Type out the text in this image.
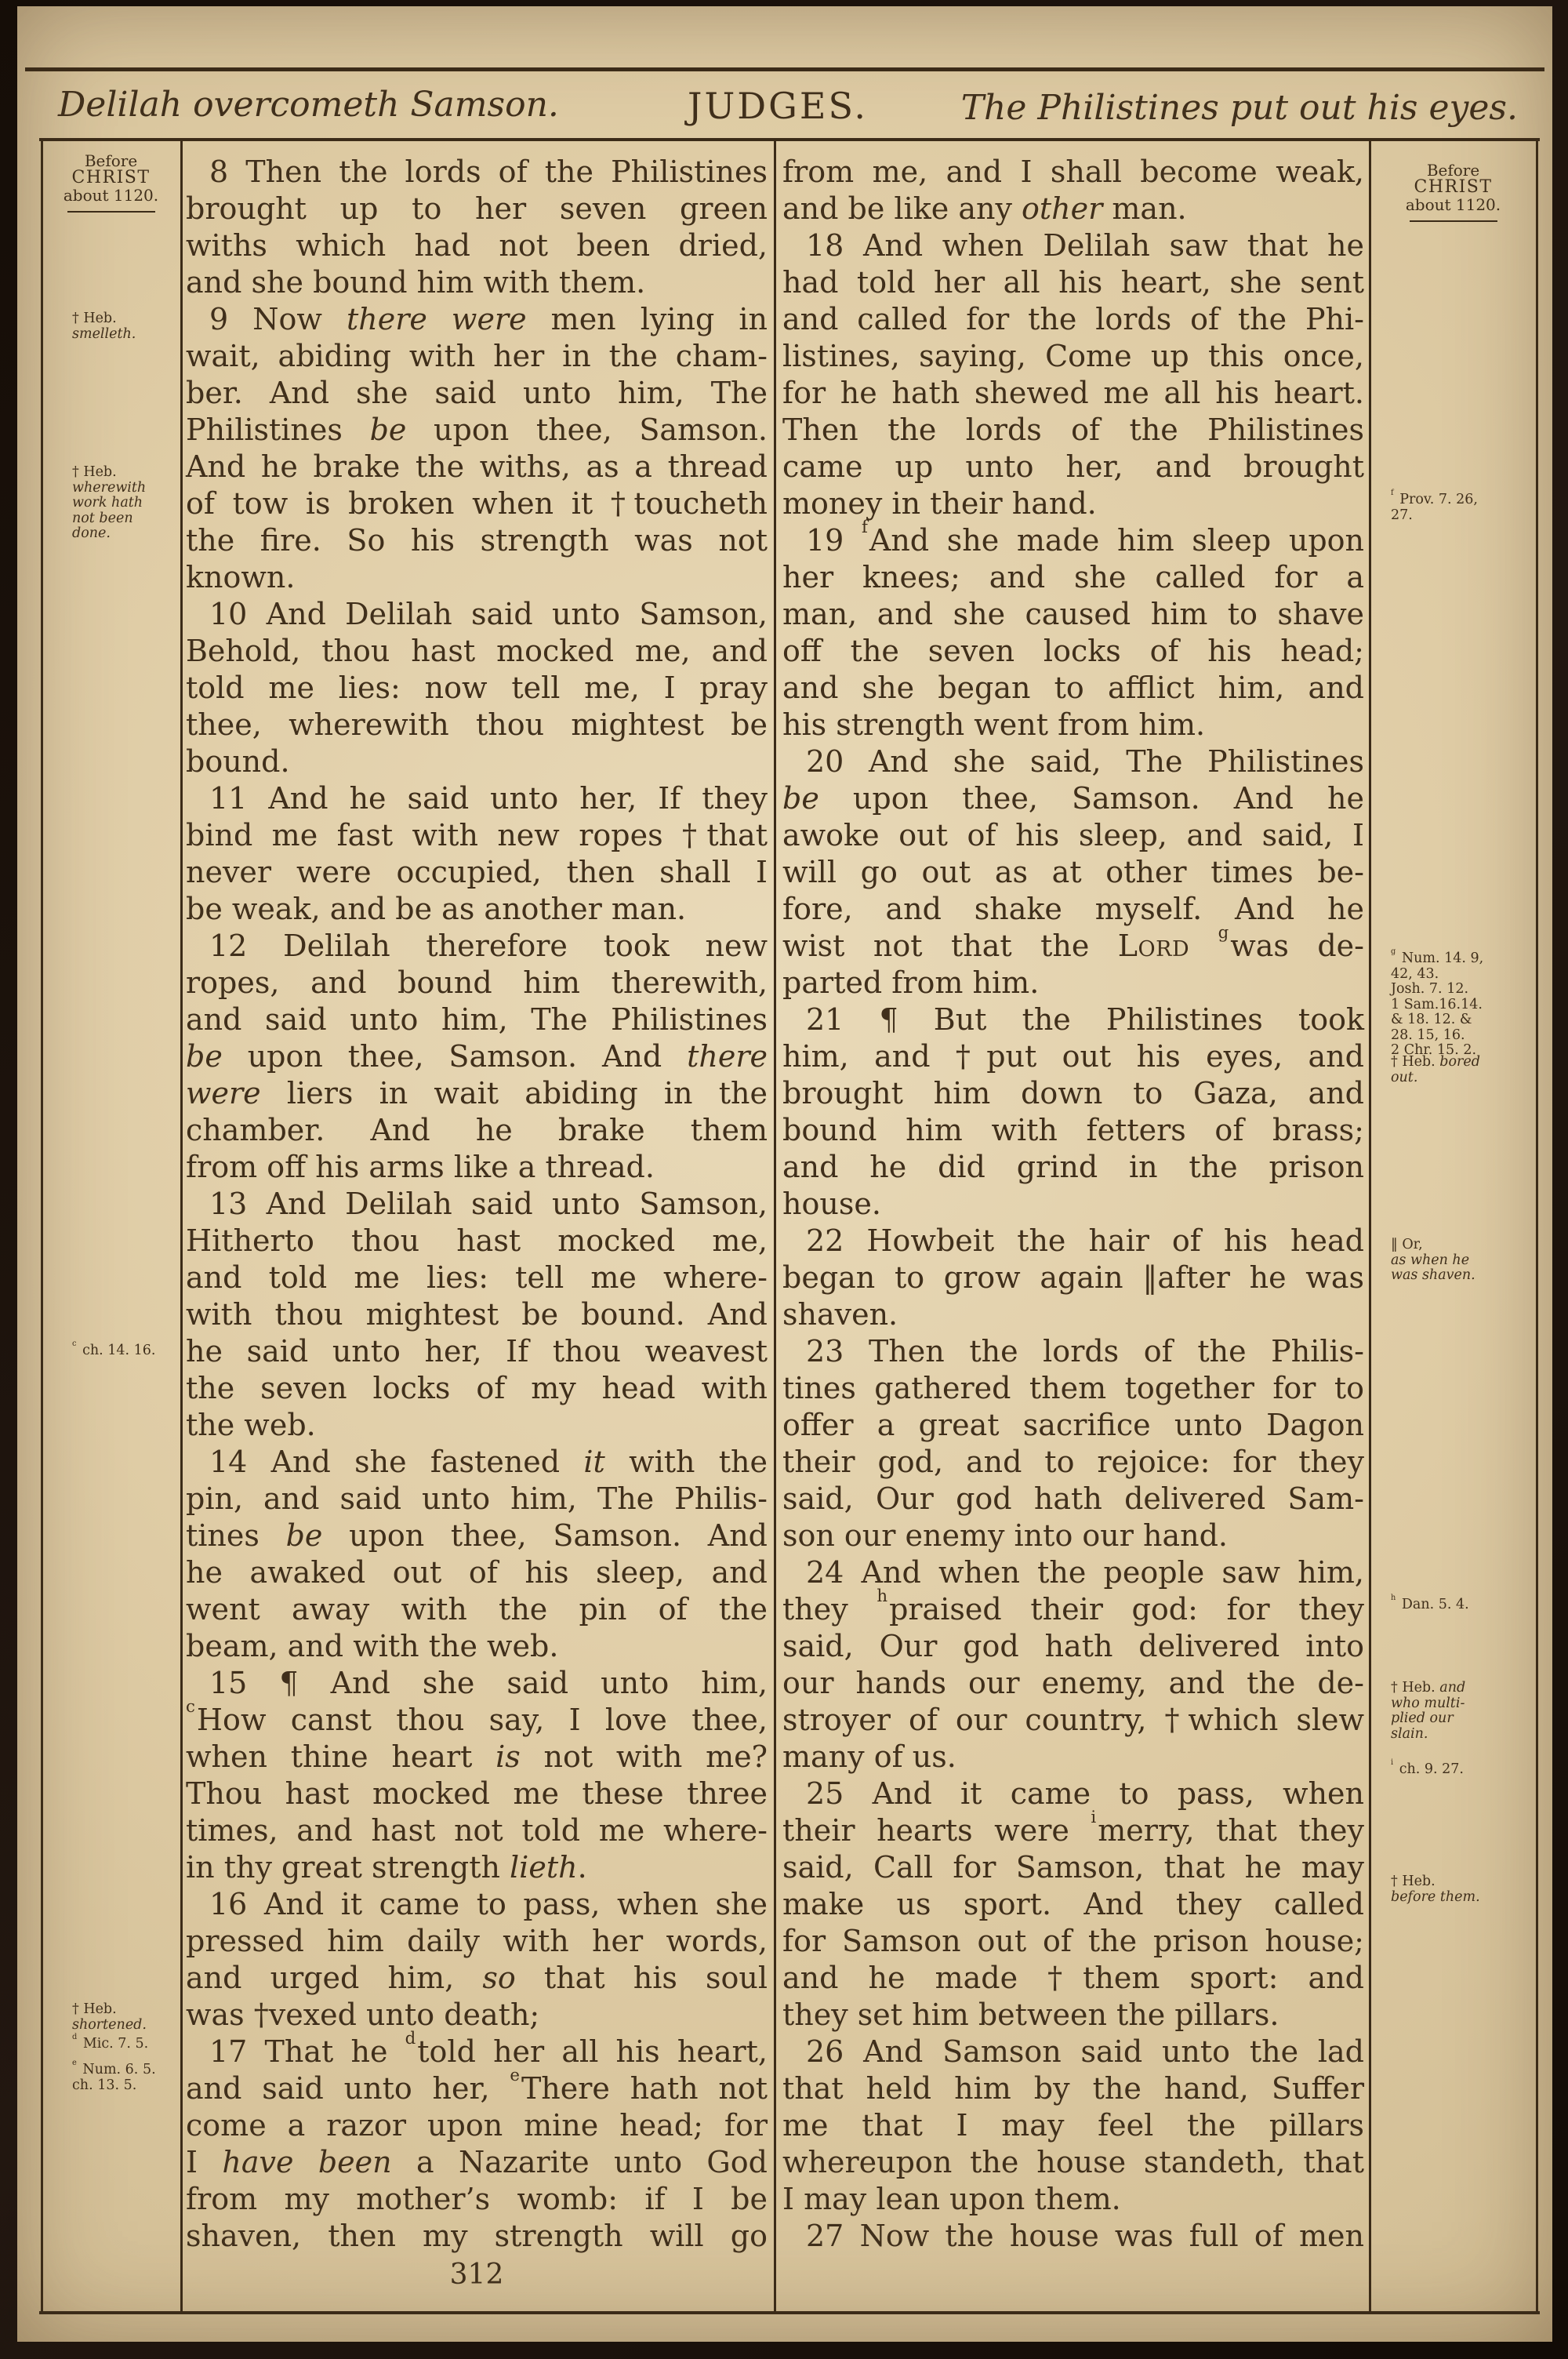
Delilah overcometh Samson.	JUDGES.	The Philistines put out his eyes.
Before
CHRIST
about 1120.
Before
CHRIST
about 1120.
† Heb.
smelleth.
† Heb.
wherewith
work hath
not been
done.
$^c$ ch. 14. 16.
† Heb.
shortened.
$^d$ Mic. 7. 5.
$^e$ Num. 6. 5.
ch. 13. 5.
$^f$ Prov. 7. 26,
27.
$^g$ Num. 14. 9,
42, 43.
Josh. 7. 12.
1 Sam.16.14.
& 18. 12. &
28. 15, 16.
2 Chr. 15. 2.
† Heb. bored
out.
‖ Or,
as when he
was shaven.
$^h$ Dan. 5. 4.
† Heb. and
who multi-
plied our
slain.
$^i$ ch. 9. 27.
† Heb.
before them.
8 Then the lords of the Philistines
brought up to her seven green
withs which had not been dried,
and she bound him with them.
9 Now there were men lying in
wait, abiding with her in the cham-
ber. And she said unto him, The
Philistines be upon thee, Samson.
And he brake the withs, as a thread
of tow is broken when it †toucheth
the fire. So his strength was not
known.
10 And Delilah said unto Samson,
Behold, thou hast mocked me, and
told me lies: now tell me, I pray
thee, wherewith thou mightest be
bound.
11 And he said unto her, If they
bind me fast with new ropes †that
never were occupied, then shall I
be weak, and be as another man.
12 Delilah therefore took new
ropes, and bound him therewith,
and said unto him, The Philistines
be upon thee, Samson. And there
were liers in wait abiding in the
chamber. And he brake them
from off his arms like a thread.
13 And Delilah said unto Samson,
Hitherto thou hast mocked me,
and told me lies: tell me where-
with thou mightest be bound. And
he said unto her, If thou weavest
the seven locks of my head with
the web.
14 And she fastened it with the
pin, and said unto him, The Philis-
tines be upon thee, Samson. And
he awaked out of his sleep, and
went away with the pin of the
beam, and with the web.
15 ¶ And she said unto him,
$^c$How canst thou say, I love thee,
when thine heart is not with me?
Thou hast mocked me these three
times, and hast not told me where-
in thy great strength lieth.
16 And it came to pass, when she
pressed him daily with her words,
and urged him, so that his soul
was †vexed unto death;
17 That he $^d$told her all his heart,
and said unto her, $^e$There hath not
come a razor upon mine head; for
I have been a Nazarite unto God
from my mother’s womb: if I be
shaven, then my strength will go
from me, and I shall become weak,
and be like any other man.
18 And when Delilah saw that he
had told her all his heart, she sent
and called for the lords of the Phi-
listines, saying, Come up this once,
for he hath shewed me all his heart.
Then the lords of the Philistines
came up unto her, and brought
money in their hand.
19 $^f$And she made him sleep upon
her knees; and she called for a
man, and she caused him to shave
off the seven locks of his head;
and she began to afflict him, and
his strength went from him.
20 And she said, The Philistines
be upon thee, Samson. And he
awoke out of his sleep, and said, I
will go out as at other times be-
fore, and shake myself. And he
wist not that the Lord $^g$was de-
parted from him.
21 ¶ But the Philistines took
him, and †put out his eyes, and
brought him down to Gaza, and
bound him with fetters of brass;
and he did grind in the prison
house.
22 Howbeit the hair of his head
began to grow again ‖after he was
shaven.
23 Then the lords of the Philis-
tines gathered them together for to
offer a great sacrifice unto Dagon
their god, and to rejoice: for they
said, Our god hath delivered Sam-
son our enemy into our hand.
24 And when the people saw him,
they $^h$praised their god: for they
said, Our god hath delivered into
our hands our enemy, and the de-
stroyer of our country, †which slew
many of us.
25 And it came to pass, when
their hearts were $^i$merry, that they
said, Call for Samson, that he may
make us sport. And they called
for Samson out of the prison house;
and he made †them sport: and
they set him between the pillars.
26 And Samson said unto the lad
that held him by the hand, Suffer
me that I may feel the pillars
whereupon the house standeth, that
I may lean upon them.
27 Now the house was full of men
312
